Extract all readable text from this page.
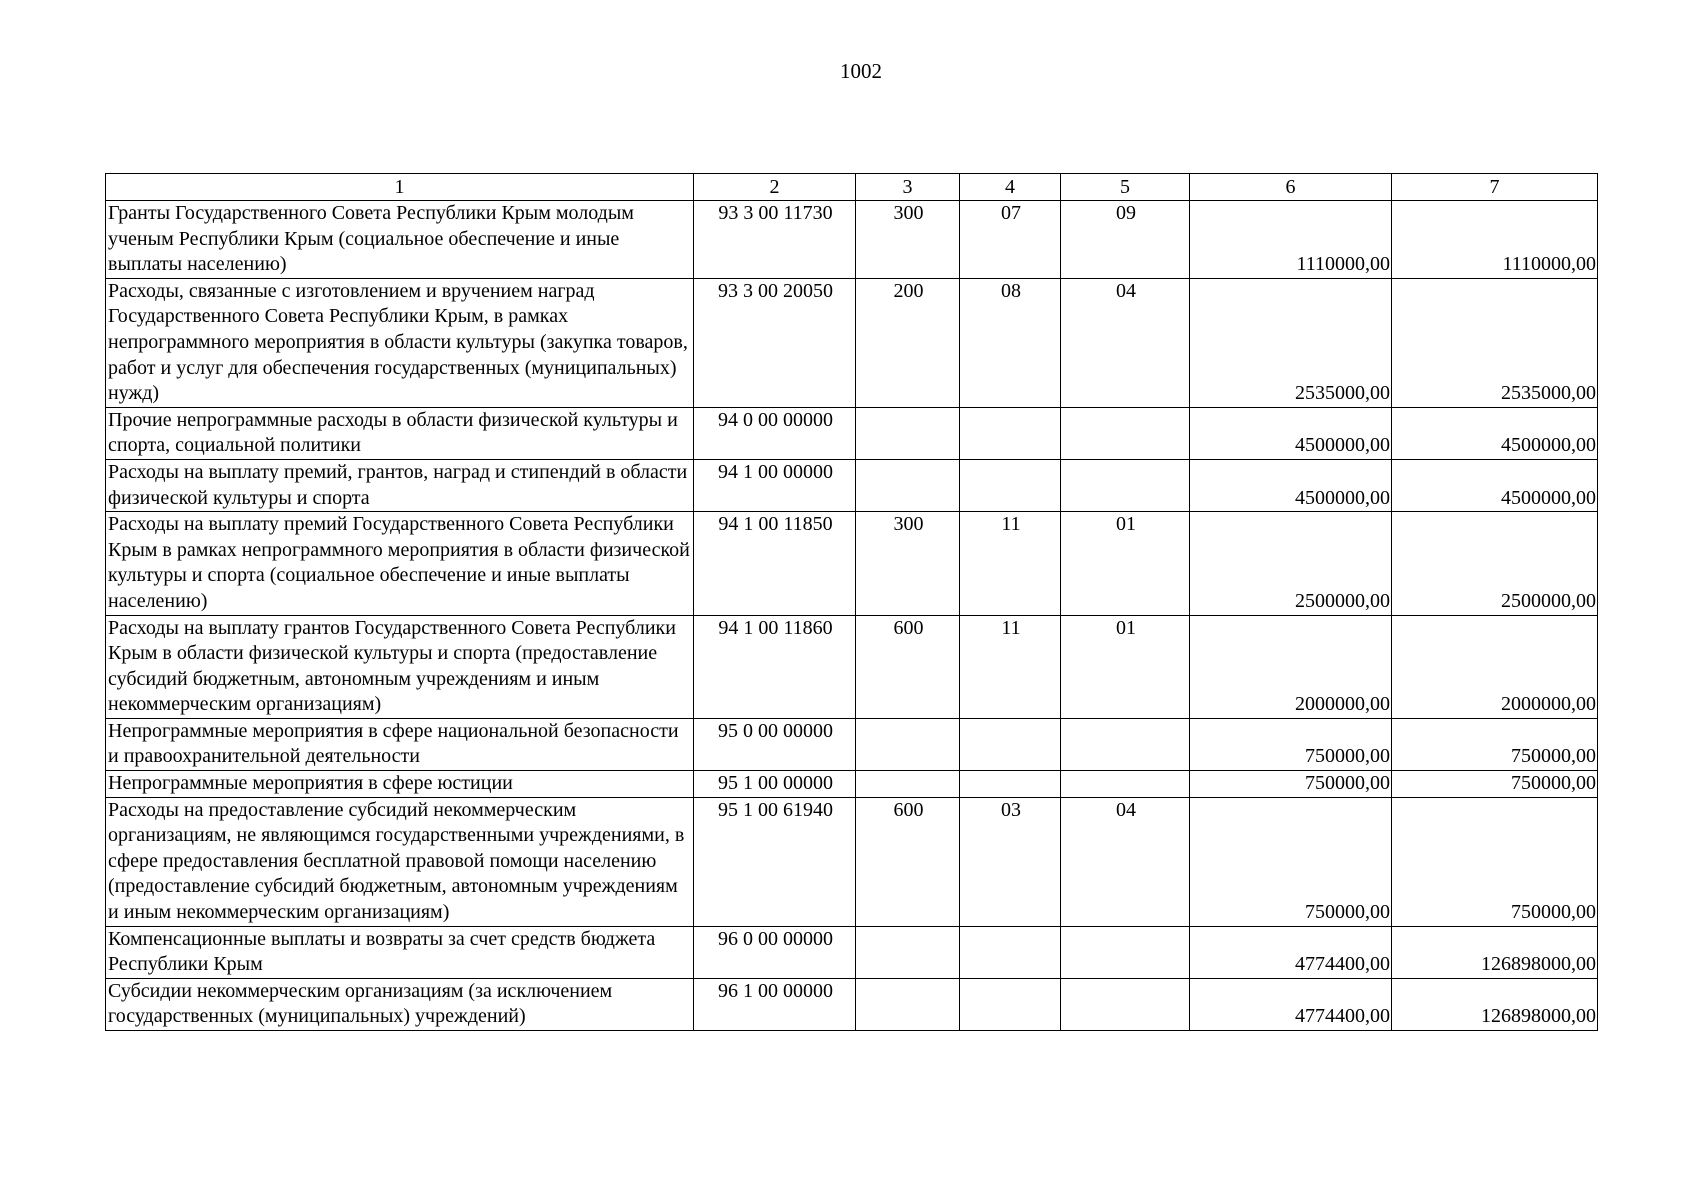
1002
1	2	3	4	5	6	7
Гранты Государственного Совета Республики Крым молодым ученым Республики Крым (социальное обеспечение и иные выплаты населению)	93 3 00 11730	300	07	09	1110000,00	1110000,00
Расходы, связанные с изготовлением и вручением наград Государственного Совета Республики Крым, в рамках непрограммного мероприятия в области культуры (закупка товаров, работ и услуг для обеспечения государственных (муниципальных) нужд)	93 3 00 20050	200	08	04	2535000,00	2535000,00
Прочие непрограммные расходы в области физической культуры и спорта, социальной политики	94 0 00 00000				4500000,00	4500000,00
Расходы на выплату премий, грантов, наград и стипендий в области физической культуры и спорта	94 1 00 00000				4500000,00	4500000,00
Расходы на выплату премий Государственного Совета Республики Крым в рамках непрограммного мероприятия в области физической культуры и спорта (социальное обеспечение и иные выплаты населению)	94 1 00 11850	300	11	01	2500000,00	2500000,00
Расходы на выплату грантов Государственного Совета Республики Крым в области физической культуры и спорта (предоставление субсидий бюджетным, автономным учреждениям и иным некоммерческим организациям)	94 1 00 11860	600	11	01	2000000,00	2000000,00
Непрограммные мероприятия в сфере национальной безопасности и правоохранительной деятельности	95 0 00 00000				750000,00	750000,00
Непрограммные мероприятия в сфере юстиции	95 1 00 00000				750000,00	750000,00
Расходы на предоставление субсидий некоммерческим организациям, не являющимся государственными учреждениями, в сфере предоставления бесплатной правовой помощи населению (предоставление субсидий бюджетным, автономным учреждениям и иным некоммерческим организациям)	95 1 00 61940	600	03	04	750000,00	750000,00
Компенсационные выплаты и возвраты за счет средств бюджета Республики Крым	96 0 00 00000				4774400,00	126898000,00
Субсидии некоммерческим организациям (за исключением государственных (муниципальных) учреждений)	96 1 00 00000				4774400,00	126898000,00
